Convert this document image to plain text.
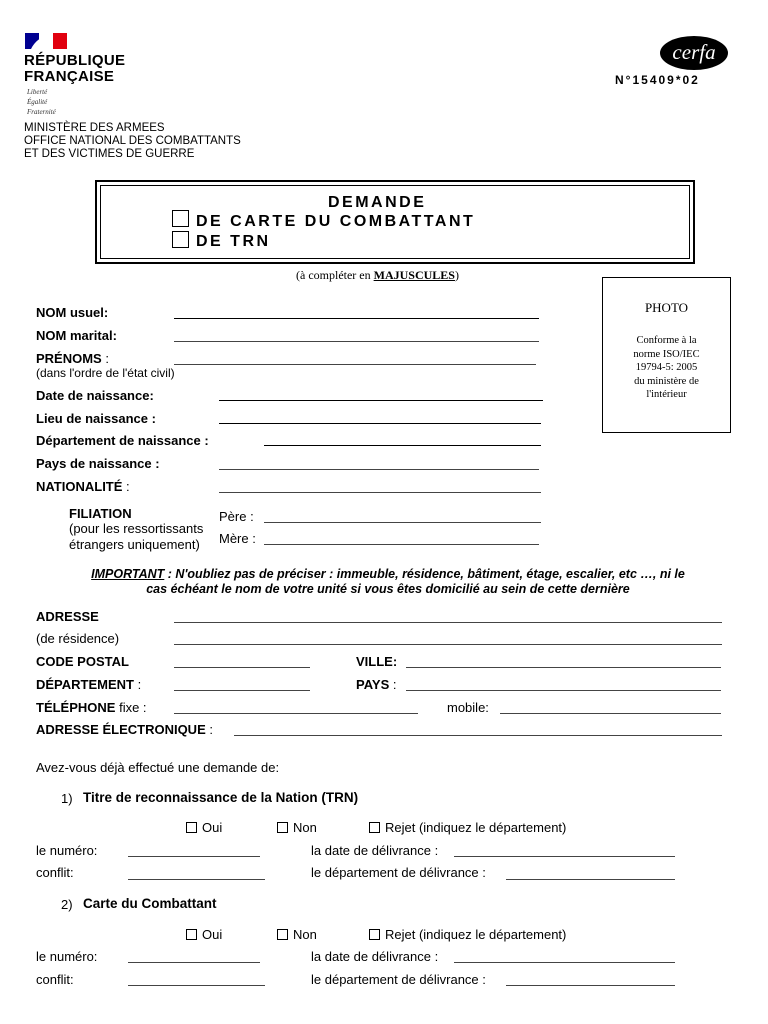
RÉPUBLIQUE
FRANÇAISE
Liberté
Égalité
Fraternité
MINISTÈRE DES ARMEES
OFFICE NATIONAL DES COMBATTANTS
ET DES VICTIMES DE GUERRE
cerfa
N°15409*02
DEMANDE
DE CARTE DU COMBATTANT
DE TRN
(à compléter en MAJUSCULES)
PHOTO
Conforme à la
norme ISO/IEC
19794-5: 2005
du ministère de
l'intérieur
NOM usuel:
NOM marital:
PRÉNOMS :
(dans l'ordre de l'état civil)
Date de naissance:
Lieu de naissance :
Département de naissance :
Pays de naissance :
NATIONALITÉ :
FILIATION
(pour les ressortissants
étrangers uniquement)
Père :
Mère :
IMPORTANT : N'oubliez pas de préciser : immeuble, résidence, bâtiment, étage, escalier, etc …, ni le
cas échéant le nom de votre unité si vous êtes domicilié au sein de cette dernière
ADRESSE
(de résidence)
CODE POSTAL	VILLE:
DÉPARTEMENT :	PAYS :
TÉLÉPHONE fixe :	mobile:
ADRESSE ÉLECTRONIQUE :
Avez-vous déjà effectué une demande de:
1) Titre de reconnaissance de la Nation (TRN)
Oui	Non	Rejet (indiquez le département)
le numéro:	la date de délivrance :
conflit:	le département de délivrance :
2) Carte du Combattant
Oui	Non	Rejet (indiquez le département)
le numéro:	la date de délivrance :
conflit:	le département de délivrance :
